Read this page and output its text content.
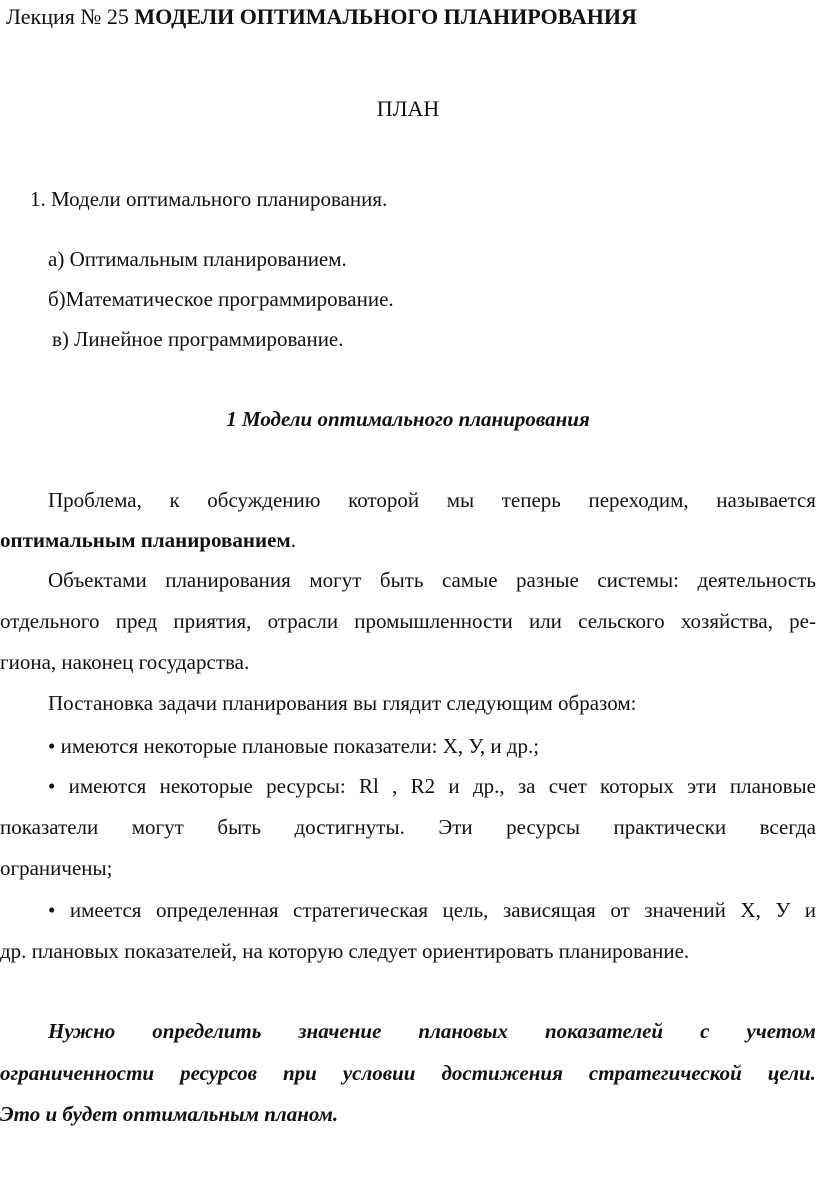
Лекция № 25 МОДЕЛИ ОПТИМАЛЬНОГО ПЛАНИРОВАНИЯ
ПЛАН
1. Модели оптимального планирования.
а) Оптимальным планированием.
б)Математическое программирование.
в) Линейное программирование.
1 Модели оптимального планирования
Проблема, к обсуждению которой мы теперь переходим, называется
оптимальным планированием.
Объектами планирования могут быть самые разные системы: деятельность
отдельного пред приятия, отрасли промышленности или сельского хозяйства, ре-
гиона, наконец государства.
Постановка задачи планирования вы глядит следующим образом:
• имеются некоторые плановые показатели: X, У, и др.;
• имеются некоторые ресурсы: Rl , R2 и др., за счет которых эти плановые
показатели могут быть достигнуты. Эти ресурсы практически всегда
ограничены;
• имеется определенная стратегическая цель, зависящая от значений X, У и
др. плановых показателей, на которую следует ориентировать планирование.
Нужно определить значение плановых показателей с учетом
ограниченности ресурсов при условии достижения стратегической цели.
Это и будет оптимальным планом.
